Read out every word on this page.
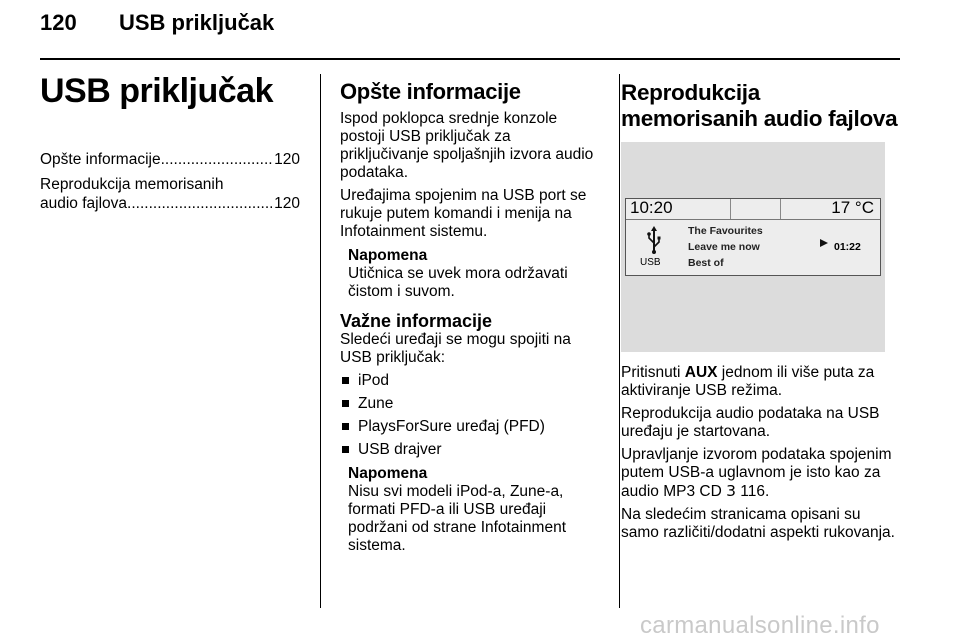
120 USB priključak
USB priključak
Opšte informacije .....	120
Reprodukcija memorisanih
audio fajlova .....	120
Opšte informacije

Ispod poklopca srednje konzole postoji USB priključak za priključivanje spoljašnjih izvora audio podataka.

Uređajima spojenim na USB port se rukuje putem komandi i menija na Infotainment sistemu.

Napomena
Utičnica se uvek mora održavati čistom i suvom.
Važne informacije

Sledeći uređaji se mogu spojiti na USB priključak:

iPod
Zune
PlaysForSure uređaj (PFD)
USB drajver
Napomena
Nisu svi modeli iPod-a, Zune-a, formati PFD-a ili USB uređaji podržani od strane Infotainment sistema.
Reprodukcija memorisanih audio fajlova
10:20	17 °C
USB
The Favourites
Leave me now
Best of
01:22

Pritisnuti AUX jednom ili više puta za aktiviranje USB režima.

Reprodukcija audio podataka na USB uređaju je startovana.

Upravljanje izvorom podataka spojenim putem USB-a uglavnom je isto kao za audio MP3 CD 3 116.

Na sledećim stranicama opisani su samo različiti/dodatni aspekti rukovanja.

carmanualsonline.info
